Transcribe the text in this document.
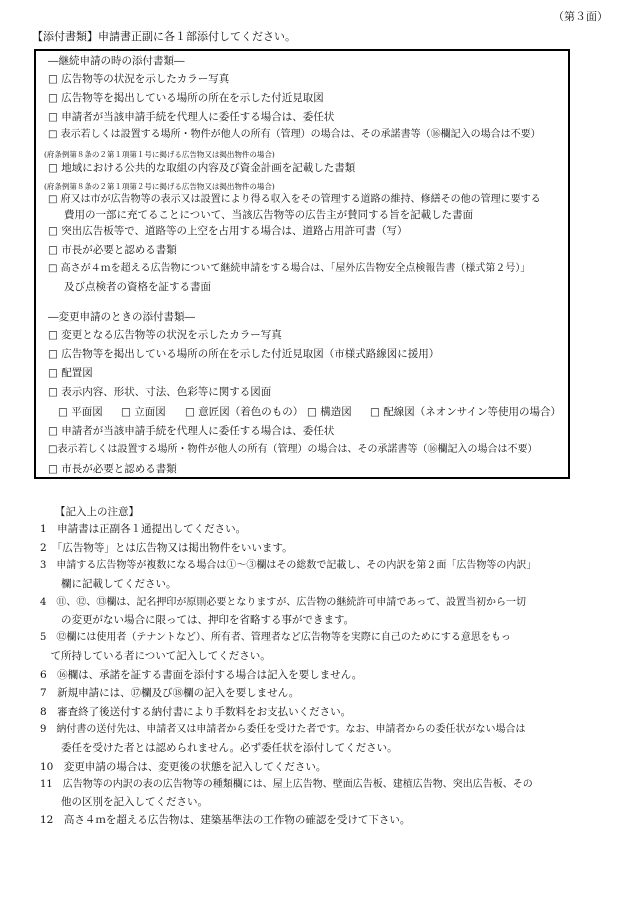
（第３面）
【添付書類】申請書正副に各１部添付してください。
―継続申請の時の添付書類―
□ 広告物等の状況を示したカラー写真
□ 広告物等を掲出している場所の所在を示した付近見取図
□ 申請者が当該申請手続を代理人に委任する場合は、委任状
□ 表示若しくは設置する場所・物件が他人の所有（管理）の場合は、その承諾書等（⑯欄記入の場合は不要）
(府条例第８条の２第１項第１号に掲げる広告物又は掲出物件の場合)
□ 地域における公共的な取組の内容及び資金計画を記載した書類
(府条例第８条の２第１項第２号に掲げる広告物又は掲出物件の場合)
□ 府又は市が広告物等の表示又は設置により得る収入をその管理する道路の維持、修繕その他の管理に要する
費用の一部に充てることについて、当該広告物等の広告主が賛同する旨を記載した書面
□ 突出広告板等で、道路等の上空を占用する場合は、道路占用許可書（写）
□ 市長が必要と認める書類
□ 高さが４ｍを超える広告物について継続申請をする場合は、「屋外広告物安全点検報告書（様式第２号）」
及び点検者の資格を証する書面
―変更申請のときの添付書類―
□ 変更となる広告物等の状況を示したカラー写真
□ 広告物等を掲出している場所の所在を示した付近見取図（市様式路線図に援用）
□ 配置図
□ 表示内容、形状、寸法、色彩等に関する図面
□ 平面図 □ 立面図 □ 意匠図（着色のもの） □ 構造図 □ 配線図（ネオンサイン等使用の場合）
□ 申請者が当該申請手続を代理人に委任する場合は、委任状
□表示若しくは設置する場所・物件が他人の所有（管理）の場合は、その承諾書等（⑯欄記入の場合は不要）
□ 市長が必要と認める書類
【記入上の注意】
1　申請書は正副各１通提出してください。
2　「広告物等」とは広告物又は掲出物件をいいます。
3　申請する広告物等が複数になる場合は①～③欄はその総数で記載し、その内訳を第２面「広告物等の内訳」
　　欄に記載してください。
4　⑪、⑫、⑬欄は、記名押印が原則必要となりますが、広告物の継続許可申請であって、設置当初から一切
　　の変更がない場合に限っては、押印を省略する事ができます。
5　⑫欄には使用者（テナントなど）、所有者、管理者など広告物等を実際に自己のためにする意思をもっ
　て所持している者について記入してください。
6　⑯欄は、承諾を証する書面を添付する場合は記入を要しません。
7　新規申請には、⑰欄及び⑱欄の記入を要しません。
8　審査終了後送付する納付書により手数料をお支払いください。
9　納付書の送付先は、申請者又は申請者から委任を受けた者です。なお、申請者からの委任状がない場合は
　　委任を受けた者とは認められません。必ず委任状を添付してください。
10　変更申請の場合は、変更後の状態を記入してください。
11　広告物等の内訳の表の広告物等の種類欄には、屋上広告物、壁面広告板、建植広告物、突出広告板、その
　　他の区別を記入してください。
12　高さ４ｍを超える広告物は、建築基準法の工作物の確認を受けて下さい。
